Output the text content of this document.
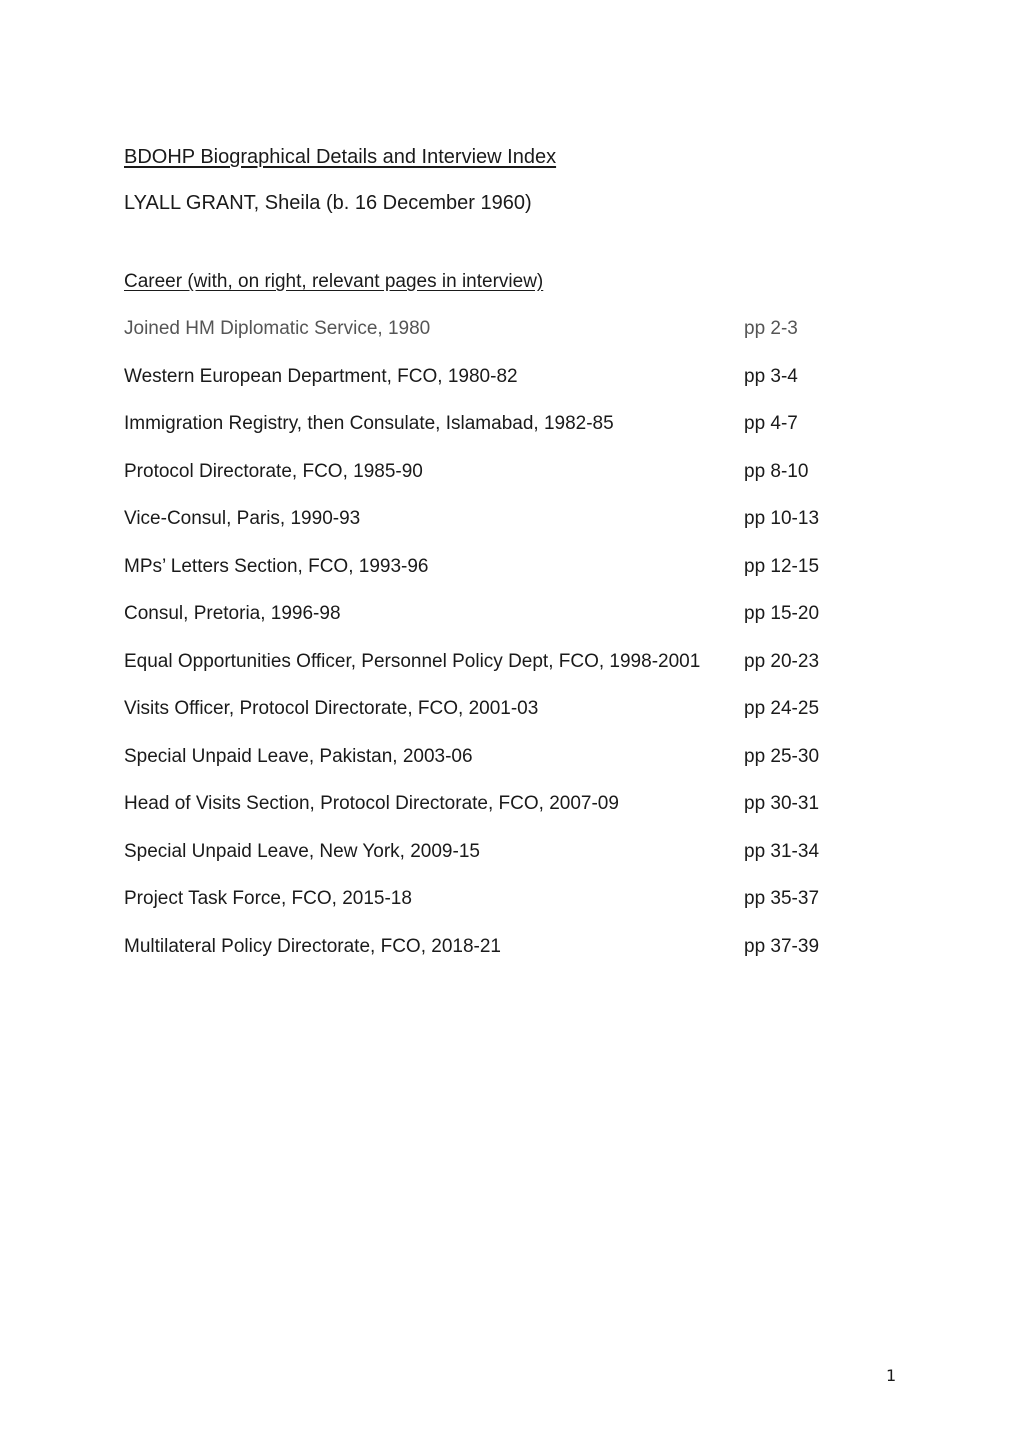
BDOHP Biographical Details and Interview Index
LYALL GRANT, Sheila (b. 16 December 1960)
Career (with, on right, relevant pages in interview)
Joined HM Diplomatic Service, 1980	pp 2-3
Western European Department, FCO, 1980-82	pp 3-4
Immigration Registry, then Consulate, Islamabad, 1982-85	pp 4-7
Protocol Directorate, FCO, 1985-90	pp 8-10
Vice-Consul, Paris, 1990-93	pp 10-13
MPs’ Letters Section, FCO, 1993-96	pp 12-15
Consul, Pretoria, 1996-98	pp 15-20
Equal Opportunities Officer, Personnel Policy Dept, FCO, 1998-2001 pp 20-23
Visits Officer, Protocol Directorate, FCO, 2001-03	pp 24-25
Special Unpaid Leave, Pakistan, 2003-06	pp 25-30
Head of Visits Section, Protocol Directorate, FCO, 2007-09	pp 30-31
Special Unpaid Leave, New York, 2009-15	pp 31-34
Project Task Force, FCO, 2015-18	pp 35-37
Multilateral Policy Directorate, FCO, 2018-21	pp 37-39
1
